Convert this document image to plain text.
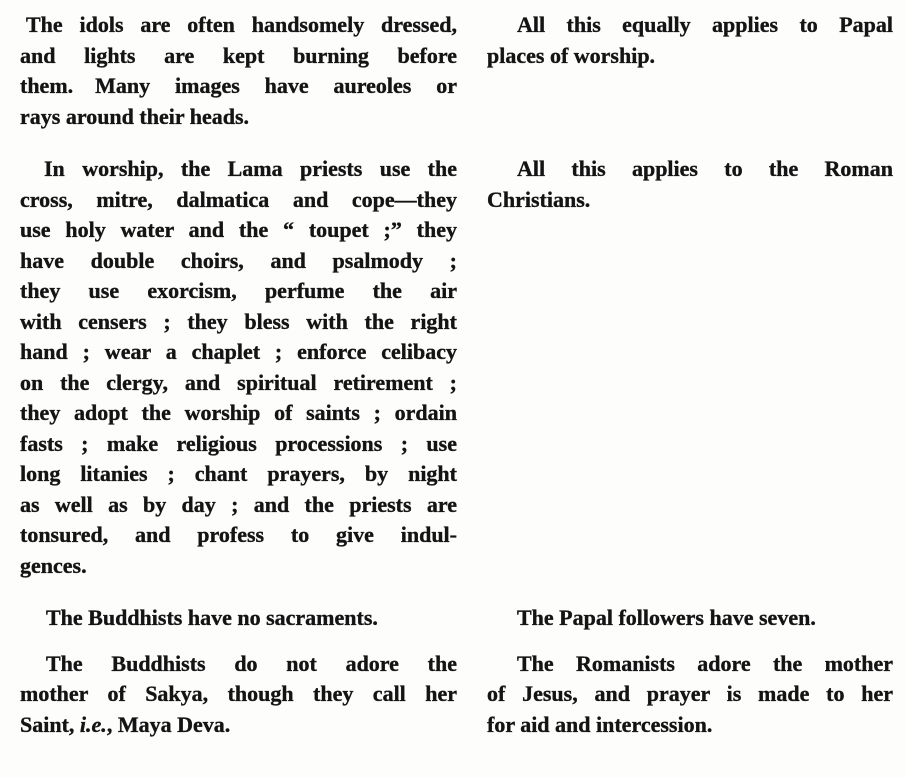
The idols are often handsomely dressed,
and lights are kept burning before
them. Many images have aureoles or
rays around their heads.
All this equally applies to Papal
places of worship.
In worship, the Lama priests use the
cross, mitre, dalmatica and cope—they
use holy water and the “ toupet ;” they
have double choirs, and psalmody ;
they use exorcism, perfume the air
with censers ; they bless with the right
hand ; wear a chaplet ; enforce celibacy
on the clergy, and spiritual retirement ;
they adopt the worship of saints ; ordain
fasts ; make religious processions ; use
long litanies ; chant prayers, by night
as well as by day ; and the priests are
tonsured, and profess to give indul-
gences.
All this applies to the Roman
Christians.
The Buddhists have no sacraments.	The Papal followers have seven.
The Buddhists do not adore the
mother of Sakya, though they call her
Saint, i.e., Maya Deva.
The Romanists adore the mother
of Jesus, and prayer is made to her
for aid and intercession.
